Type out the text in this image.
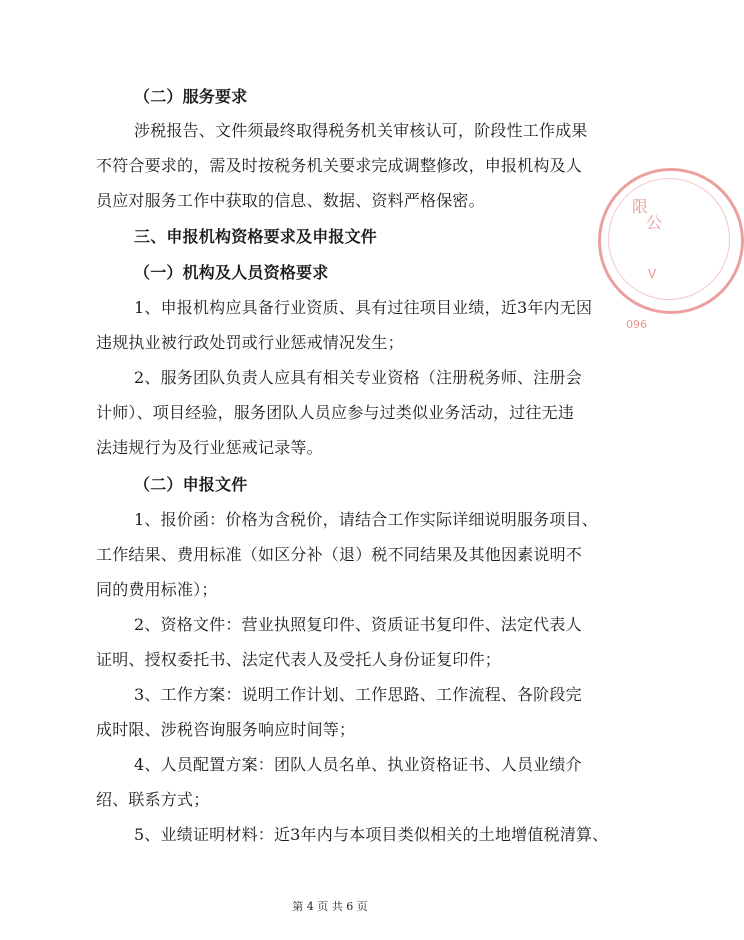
（二）服务要求

涉税报告、文件须最终取得税务机关审核认可，阶段性工作成果

不符合要求的，需及时按税务机关要求完成调整修改，申报机构及人

员应对服务工作中获取的信息、数据、资料严格保密。

三、申报机构资格要求及申报文件

（一）机构及人员资格要求

1、申报机构应具备行业资质、具有过往项目业绩，近3年内无因

违规执业被行政处罚或行业惩戒情况发生；

2、服务团队负责人应具有相关专业资格（注册税务师、注册会

计师）、项目经验，服务团队人员应参与过类似业务活动，过往无违

法违规行为及行业惩戒记录等。

（二）申报文件

1、报价函：价格为含税价，请结合工作实际详细说明服务项目、

工作结果、费用标准（如区分补（退）税不同结果及其他因素说明不

同的费用标准）；

2、资格文件：营业执照复印件、资质证书复印件、法定代表人

证明、授权委托书、法定代表人及受托人身份证复印件；

3、工作方案：说明工作计划、工作思路、工作流程、各阶段完

成时限、涉税咨询服务响应时间等；

4、人员配置方案：团队人员名单、执业资格证书、人员业绩介

绍、联系方式；

5、业绩证明材料：近3年内与本项目类似相关的土地增值税清算、

第 4 页 共 6 页
限
公
096
V
